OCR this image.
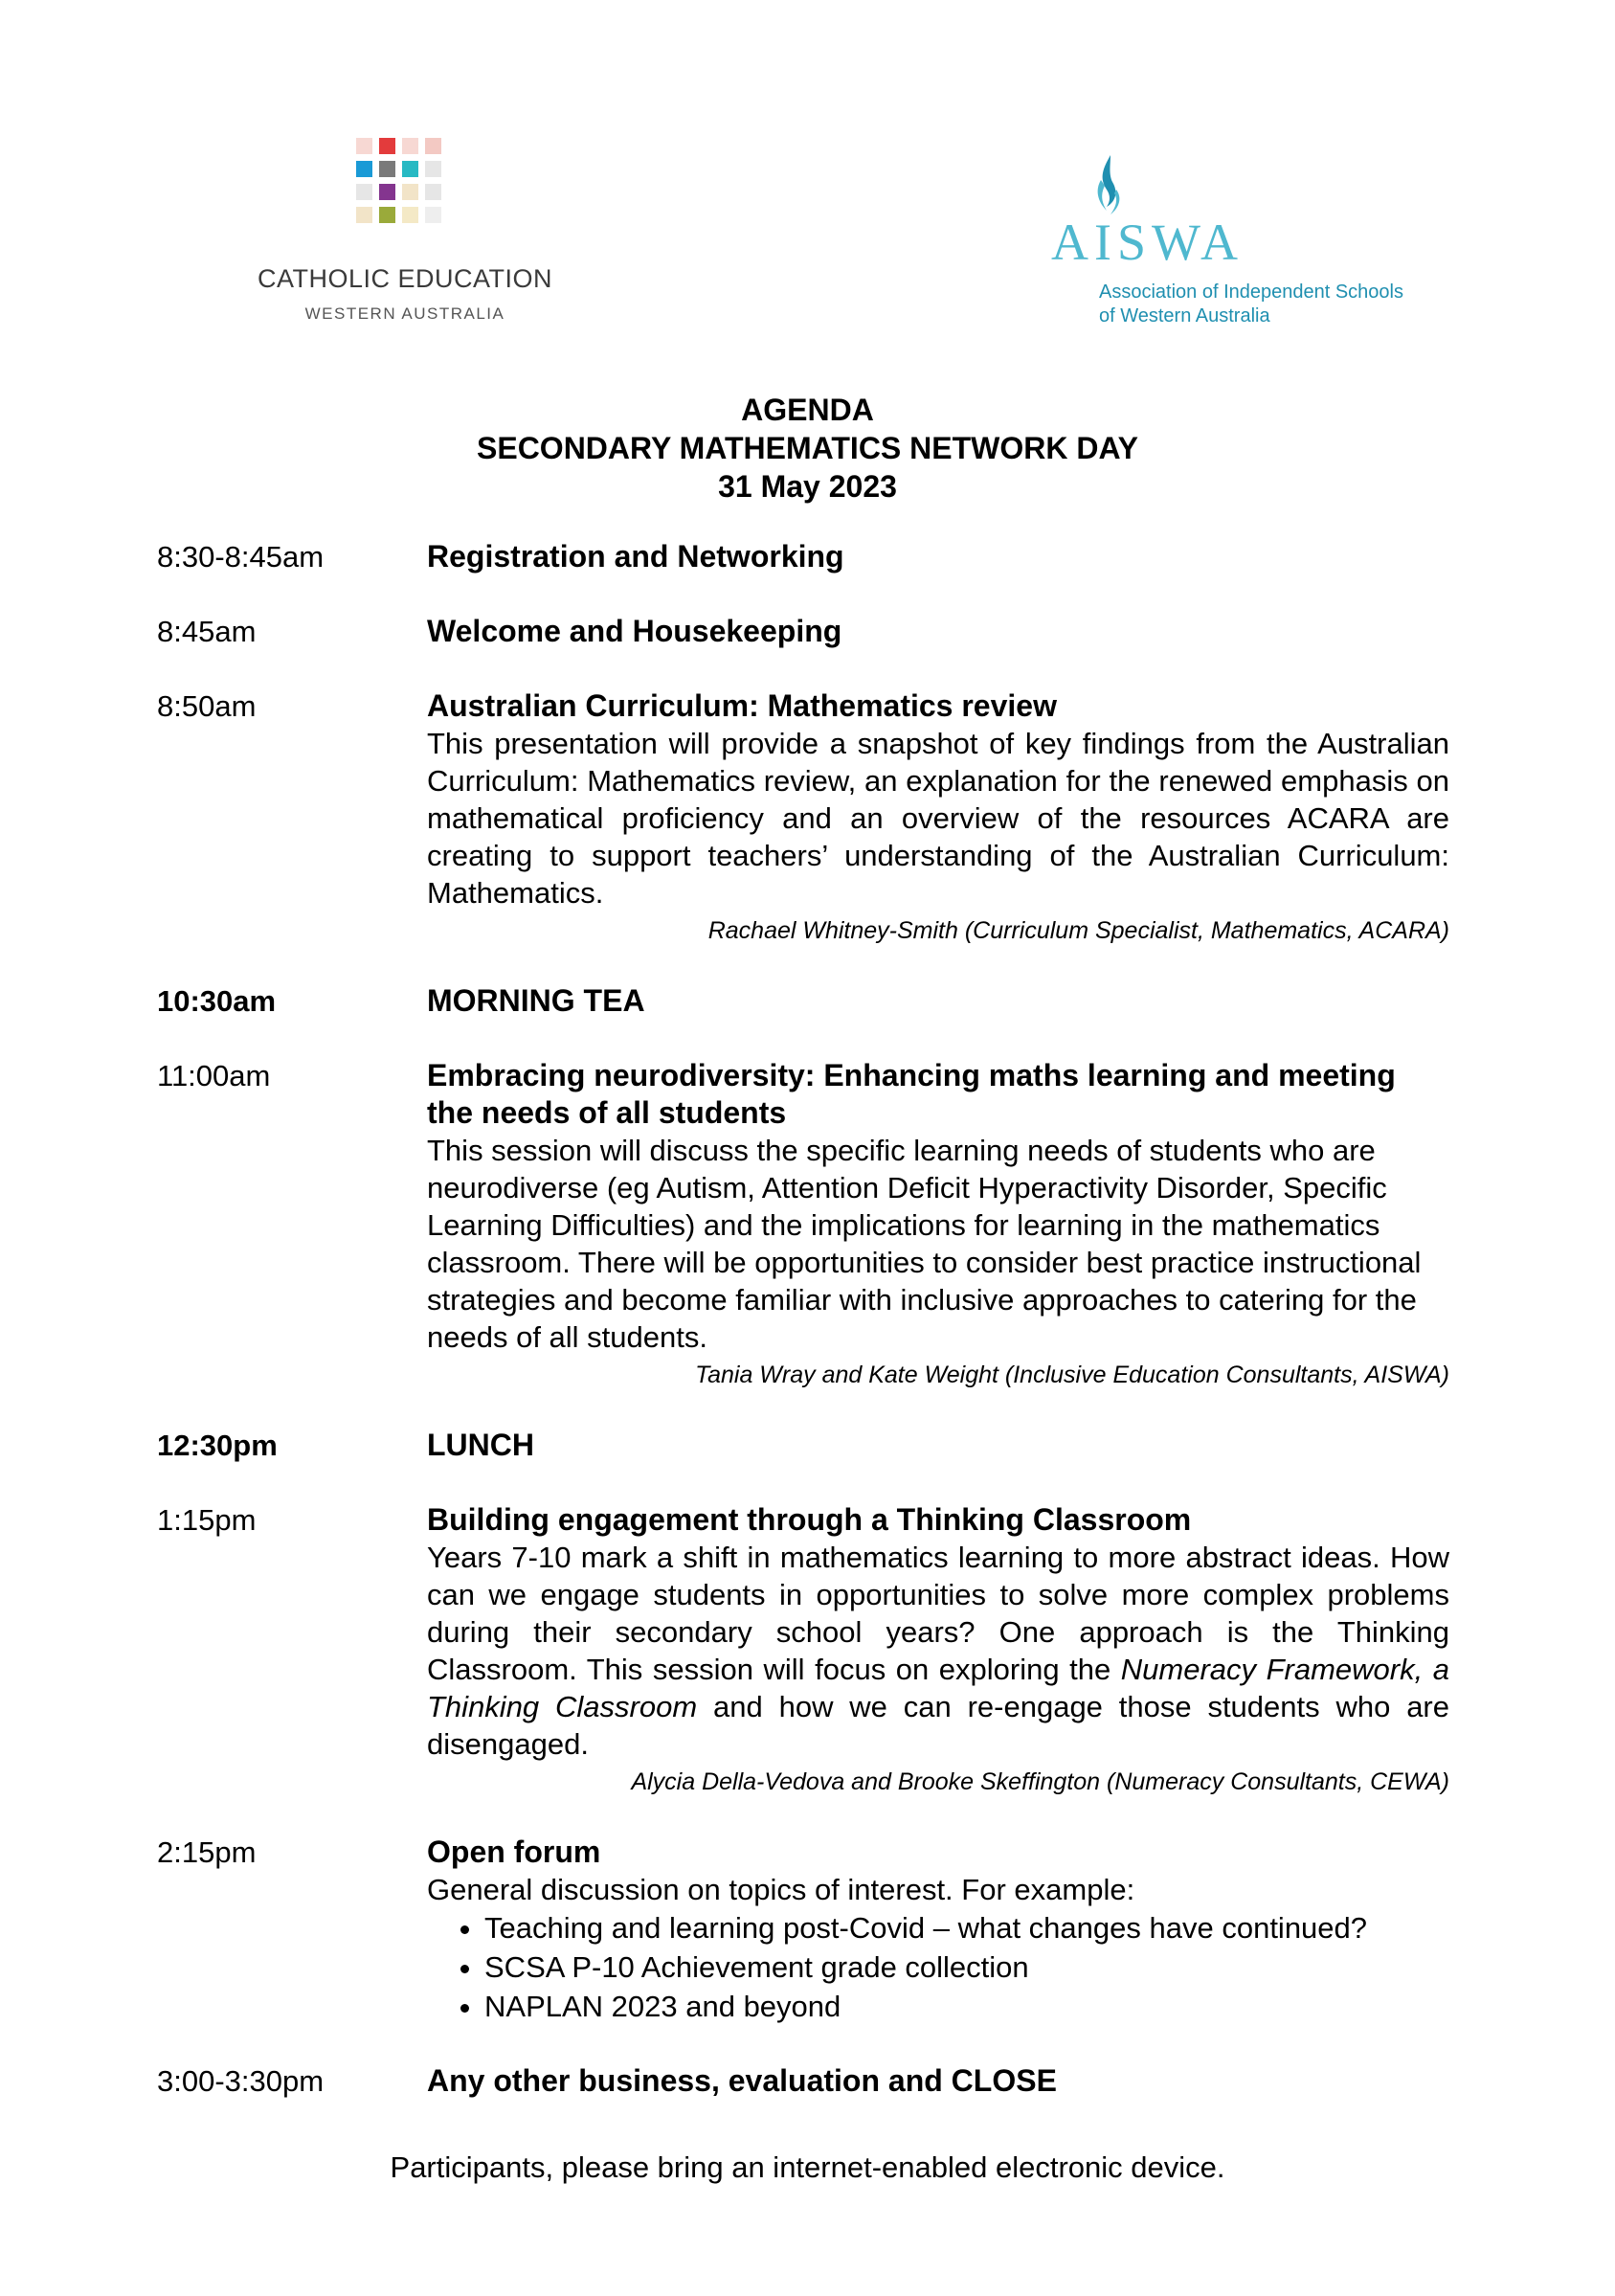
CATHOLIC EDUCATION
WESTERN AUSTRALIA
AISWA
Association of Independent Schools
of Western Australia
AGENDA
SECONDARY MATHEMATICS NETWORK DAY
31 May 2023
8:30-8:45am	Registration and Networking
8:45am	Welcome and Housekeeping
8:50am	Australian Curriculum: Mathematics review
This presentation will provide a snapshot of key findings from the Australian Curriculum: Mathematics review, an explanation for the renewed emphasis on mathematical proficiency and an overview of the resources ACARA are creating to support teachers’ understanding of the Australian Curriculum: Mathematics.
Rachael Whitney-Smith (Curriculum Specialist, Mathematics, ACARA)
10:30am	MORNING TEA
11:00am	Embracing neurodiversity: Enhancing maths learning and meeting the needs of all students
This session will discuss the specific learning needs of students who are neurodiverse (eg Autism, Attention Deficit Hyperactivity Disorder, Specific Learning Difficulties) and the implications for learning in the mathematics classroom. There will be opportunities to consider best practice instructional strategies and become familiar with inclusive approaches to catering for the needs of all students.
Tania Wray and Kate Weight (Inclusive Education Consultants, AISWA)
12:30pm	LUNCH
1:15pm	Building engagement through a Thinking Classroom
Years 7-10 mark a shift in mathematics learning to more abstract ideas. How can we engage students in opportunities to solve more complex problems during their secondary school years? One approach is the Thinking Classroom. This session will focus on exploring the Numeracy Framework, a Thinking Classroom and how we can re-engage those students who are disengaged.
Alycia Della-Vedova and Brooke Skeffington (Numeracy Consultants, CEWA)
2:15pm	Open forum
General discussion on topics of interest. For example:
• Teaching and learning post-Covid – what changes have continued?
• SCSA P-10 Achievement grade collection
• NAPLAN 2023 and beyond
3:00-3:30pm	Any other business, evaluation and CLOSE
Participants, please bring an internet-enabled electronic device.
